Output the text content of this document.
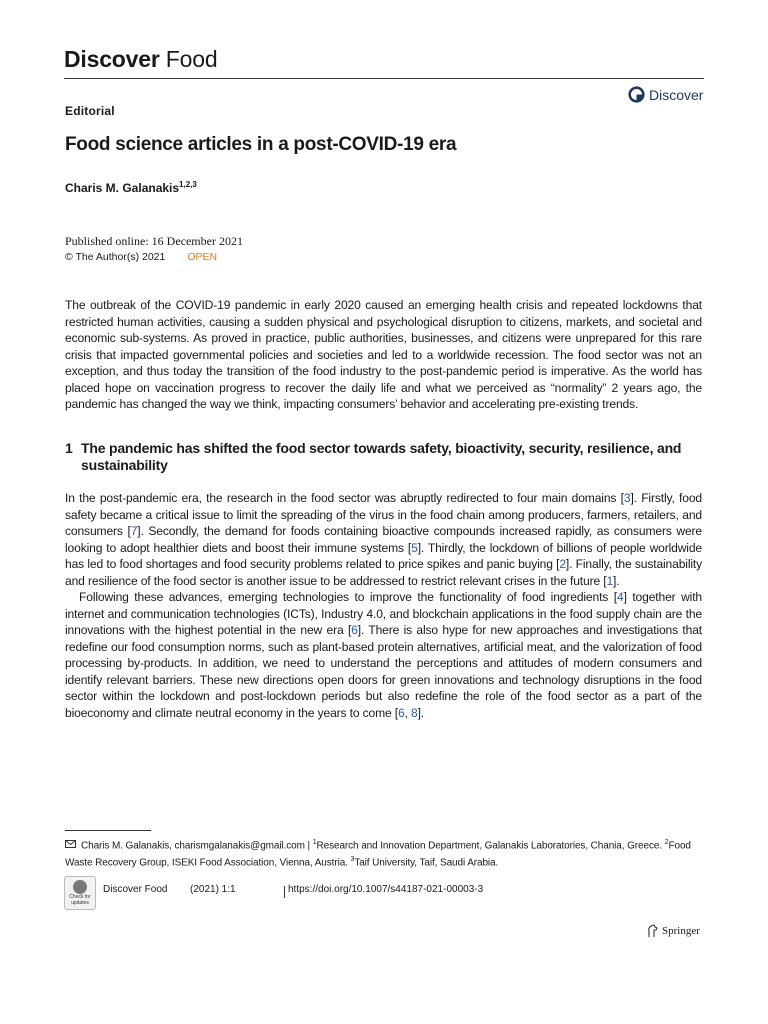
Discover Food
Discover
Editorial
Food science articles in a post-COVID-19 era
Charis M. Galanakis$^{1,2,3}$
Published online: 16 December 2021
© The Author(s) 2021 OPEN

The outbreak of the COVID-19 pandemic in early 2020 caused an emerging health crisis and repeated lockdowns that restricted human activities, causing a sudden physical and psychological disruption to citizens, markets, and societal and economic sub-systems. As proved in practice, public authorities, businesses, and citizens were unprepared for this rare crisis that impacted governmental policies and societies and led to a worldwide recession. The food sector was not an exception, and thus today the transition of the food industry to the post-pandemic period is imperative. As the world has placed hope on vaccination progress to recover the daily life and what we perceived as “normality” 2 years ago, the pandemic has changed the way we think, impacting consumers’ behavior and accelerating pre-existing trends.

1 The pandemic has shifted the food sector towards safety, bioactivity, security, resilience, and sustainability

In the post-pandemic era, the research in the food sector was abruptly redirected to four main domains [3]. Firstly, food safety became a critical issue to limit the spreading of the virus in the food chain among producers, farmers, retailers, and consumers [7]. Secondly, the demand for foods containing bioactive compounds increased rapidly, as consumers were looking to adopt healthier diets and boost their immune systems [5]. Thirdly, the lockdown of billions of people worldwide has led to food shortages and food security problems related to price spikes and panic buying [2]. Finally, the sustainability and resilience of the food sector is another issue to be addressed to restrict relevant crises in the future [1].

Following these advances, emerging technologies to improve the functionality of food ingredients [4] together with internet and communication technologies (ICTs), Industry 4.0, and blockchain applications in the food supply chain are the innovations with the highest potential in the new era [6]. There is also hype for new approaches and investigations that redefine our food consumption norms, such as plant-based protein alternatives, artificial meat, and the valorization of food processing by-products. In addition, we need to understand the perceptions and attitudes of modern consumers and identify relevant barriers. These new directions open doors for green innovations and technology disruptions in the food sector within the lockdown and post-lockdown periods but also redefine the role of the food sector as a part of the bioeconomy and climate neutral economy in the years to come [6, 8].

Charis M. Galanakis, charismgalanakis@gmail.com | $^1$Research and Innovation Department, Galanakis Laboratories, Chania, Greece. $^2$Food Waste Recovery Group, ISEKI Food Association, Vienna, Austria. $^3$Taif University, Taif, Saudi Arabia.
Check for updates
Discover Food (2021) 1:1	https://doi.org/10.1007/s44187-021-00003-3
Springer
